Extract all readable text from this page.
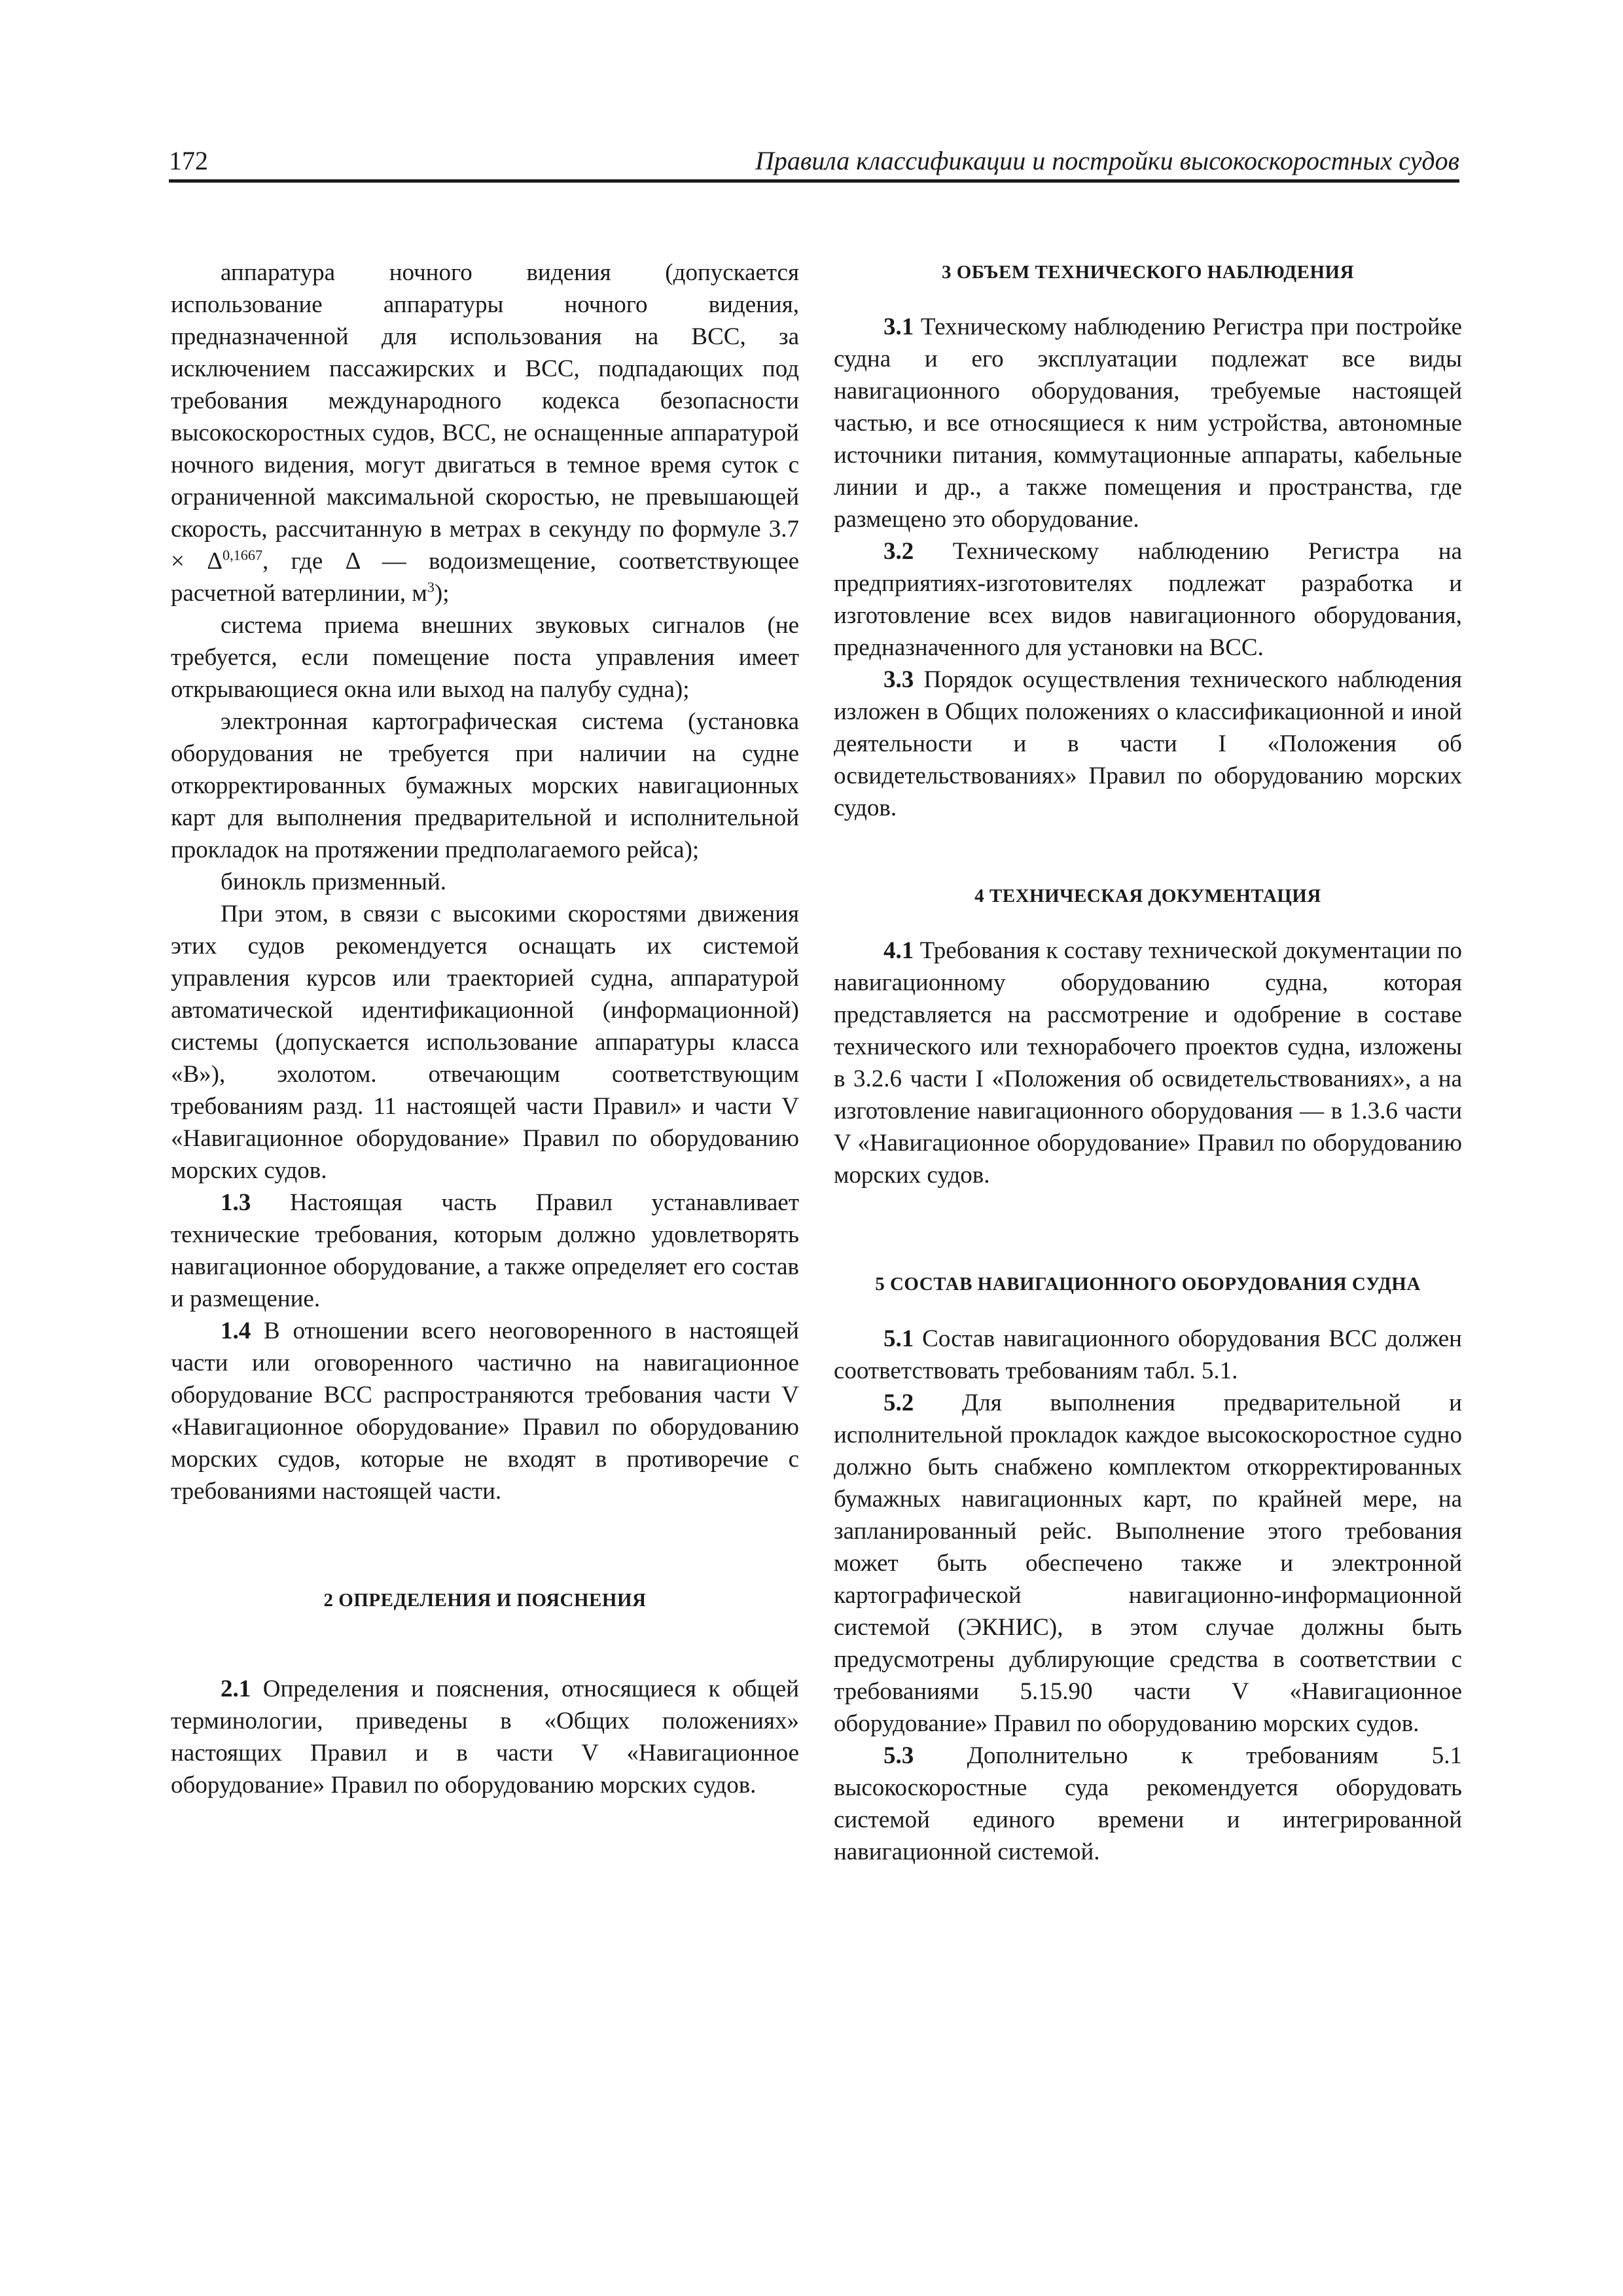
172	Правила классификации и постройки высокоскоростных судов

аппаратура ночного видения (допускается использование аппаратуры ночного видения, предназначенной для использования на ВСС, за исключением пассажирских и ВСС, подпадающих под требования международного кодекса безопасности высокоскоростных судов, ВСС, не оснащенные аппаратурой ночного видения, могут двигаться в темное время суток с ограниченной максимальной скоростью, не превышающей скорость, рассчитанную в метрах в секунду по формуле $3.7 \times \Delta^{0,1667}$, где Δ — водоизмещение, соответствующее расчетной ватерлинии, $м^3$);

система приема внешних звуковых сигналов (не требуется, если помещение поста управления имеет открывающиеся окна или выход на палубу судна);

электронная картографическая система (установка оборудования не требуется при наличии на судне откорректированных бумажных морских навигационных карт для выполнения предварительной и исполнительной прокладок на протяжении предполагаемого рейса);

бинокль призменный.

При этом, в связи с высокими скоростями движения этих судов рекомендуется оснащать их системой управления курсов или траекторией судна, аппаратурой автоматической идентификационной (информационной) системы (допускается использование аппаратуры класса «В»), эхолотом. отвечающим соответствующим требованиям разд. 11 настоящей части Правил» и части V «Навигационное оборудование» Правил по оборудованию морских судов.

1.3 Настоящая часть Правил устанавливает технические требования, которым должно удовлетворять навигационное оборудование, а также определяет его состав и размещение.

1.4 В отношении всего неоговоренного в настоящей части или оговоренного частично на навигационное оборудование ВСС распространяются требования части V «Навигационное оборудование» Правил по оборудованию морских судов, которые не входят в противоречие с требованиями настоящей части.

2 ОПРЕДЕЛЕНИЯ И ПОЯСНЕНИЯ

2.1 Определения и пояснения, относящиеся к общей терминологии, приведены в «Общих положениях» настоящих Правил и в части V «Навигационное оборудование» Правил по оборудованию морских судов.

3 ОБЪЕМ ТЕХНИЧЕСКОГО НАБЛЮДЕНИЯ

3.1 Техническому наблюдению Регистра при постройке судна и его эксплуатации подлежат все виды навигационного оборудования, требуемые настоящей частью, и все относящиеся к ним устройства, автономные источники питания, коммутационные аппараты, кабельные линии и др., а также помещения и пространства, где размещено это оборудование.

3.2 Техническому наблюдению Регистра на предприятиях-изготовителях подлежат разработка и изготовление всех видов навигационного оборудования, предназначенного для установки на ВСС.

3.3 Порядок осуществления технического наблюдения изложен в Общих положениях о классификационной и иной деятельности и в части I «Положения об освидетельствованиях» Правил по оборудованию морских судов.

4 ТЕХНИЧЕСКАЯ ДОКУМЕНТАЦИЯ

4.1 Требования к составу технической документации по навигационному оборудованию судна, которая представляется на рассмотрение и одобрение в составе технического или технорабочего проектов судна, изложены в 3.2.6 части I «Положения об освидетельствованиях», а на изготовление навигационного оборудования — в 1.3.6 части V «Навигационное оборудование» Правил по оборудованию морских судов.

5 СОСТАВ НАВИГАЦИОННОГО ОБОРУДОВАНИЯ СУДНА

5.1 Состав навигационного оборудования ВСС должен соответствовать требованиям табл. 5.1.

5.2 Для выполнения предварительной и исполнительной прокладок каждое высокоскоростное судно должно быть снабжено комплектом откорректированных бумажных навигационных карт, по крайней мере, на запланированный рейс. Выполнение этого требования может быть обеспечено также и электронной картографической навигационно-информационной системой (ЭКНИС), в этом случае должны быть предусмотрены дублирующие средства в соответствии с требованиями 5.15.90 части V «Навигационное оборудование» Правил по оборудованию морских судов.

5.3 Дополнительно к требованиям 5.1 высокоскоростные суда рекомендуется оборудовать системой единого времени и интегрированной навигационной системой.
